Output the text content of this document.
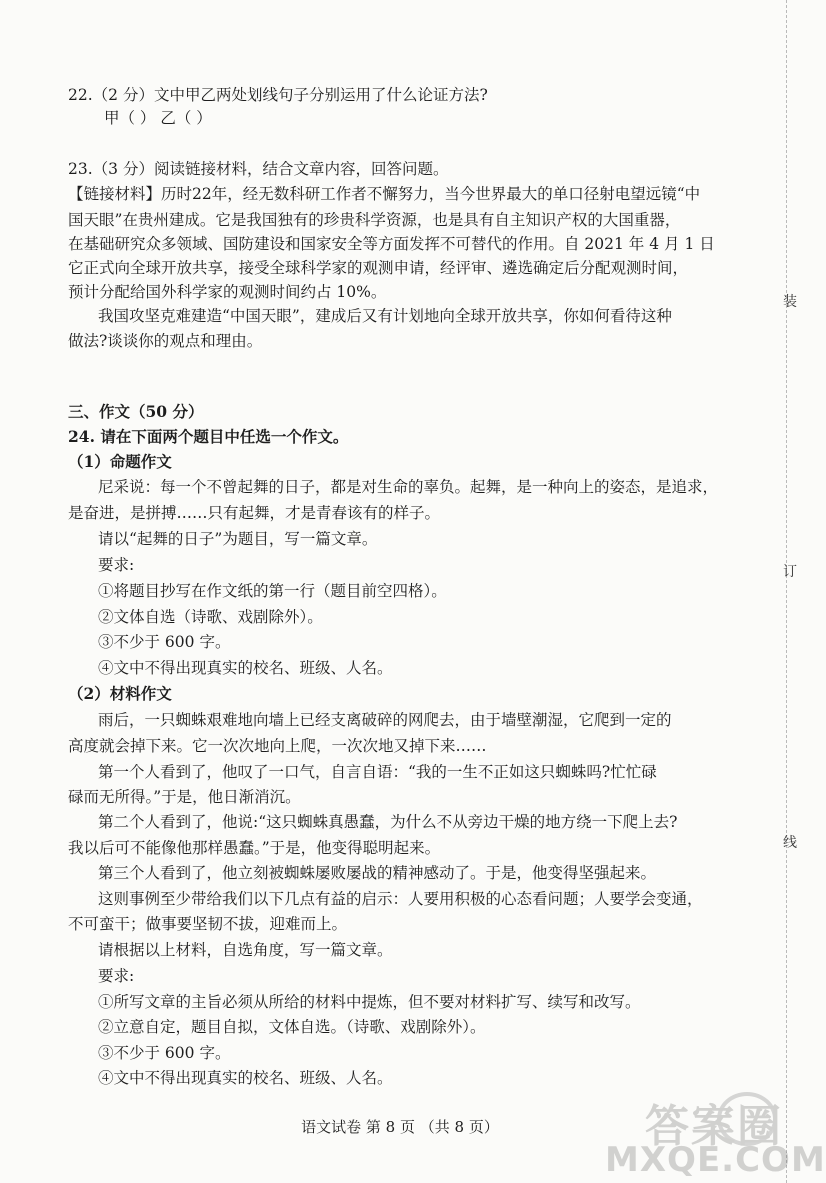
22.（2 分）文中甲乙两处划线句子分别运用了什么论证方法?
甲（ ） 乙（ ）
23.（3 分）阅读链接材料，结合文章内容，回答问题。
【链接材料】历时22年，经无数科研工作者不懈努力，当今世界最大的单口径射电望远镜“中
国天眼”在贵州建成。它是我国独有的珍贵科学资源，也是具有自主知识产权的大国重器，
在基础研究众多领域、国防建设和国家安全等方面发挥不可替代的作用。自 2021 年 4 月 1 日
它正式向全球开放共享，接受全球科学家的观测申请，经评审、遴选确定后分配观测时间，
预计分配给国外科学家的观测时间约占 10%。
我国攻坚克难建造“中国天眼”，建成后又有计划地向全球开放共享，你如何看待这种
做法?谈谈你的观点和理由。
三、作文（50 分）
24. 请在下面两个题目中任选一个作文。
（1）命题作文
尼采说：每一个不曾起舞的日子，都是对生命的辜负。起舞，是一种向上的姿态，是追求，
是奋进，是拼搏……只有起舞，才是青春该有的样子。
请以“起舞的日子”为题目，写一篇文章。
要求:
①将题目抄写在作文纸的第一行（题目前空四格）。
②文体自选（诗歌、戏剧除外）。
③不少于 600 字。
④文中不得出现真实的校名、班级、人名。
（2）材料作文
雨后，一只蜘蛛艰难地向墙上已经支离破碎的网爬去，由于墙壁潮湿，它爬到一定的
高度就会掉下来。它一次次地向上爬，一次次地又掉下来……
第一个人看到了，他叹了一口气，自言自语：“我的一生不正如这只蜘蛛吗?忙忙碌
碌而无所得。”于是，他日渐消沉。
第二个人看到了，他说:“这只蜘蛛真愚蠢，为什么不从旁边干燥的地方绕一下爬上去?
我以后可不能像他那样愚蠢。”于是，他变得聪明起来。
第三个人看到了，他立刻被蜘蛛屡败屡战的精神感动了。于是，他变得坚强起来。
这则事例至少带给我们以下几点有益的启示：人要用积极的心态看问题；人要学会变通，
不可蛮干；做事要坚韧不拔，迎难而上。
请根据以上材料，自选角度，写一篇文章。
要求:
①所写文章的主旨必须从所给的材料中提炼，但不要对材料扩写、续写和改写。
②立意自定，题目自拟，文体自选。（诗歌、戏剧除外）。
③不少于 600 字。
④文中不得出现真实的校名、班级、人名。
语文试卷 第 8 页 （共 8 页）
装
订
线
答案圈
MXQE.COM
